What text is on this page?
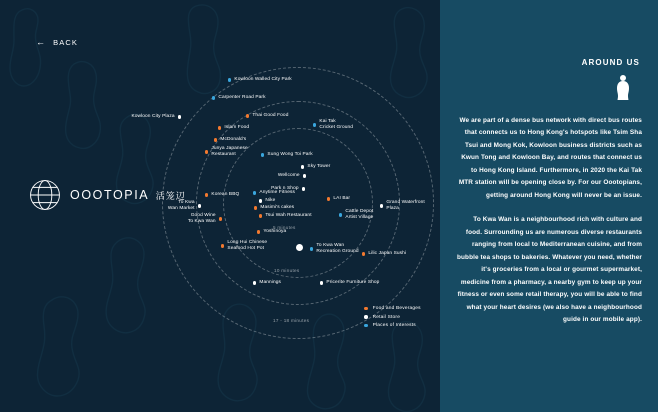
← BACK
OOOTOPIA 活笼辺
5 minutes
10 minutes
17 - 18 minutes
Kowloon Walled City Park
Carpenter Road Park
Kowloon City Plaza	Thai Good Food
Islam Food
McDonald's
Junya Japanese
Restaurant
Kai Tak
Cricket Ground
Sung Wong Toi Park
Sky Tower
Wellcome
LAI Bar
Park n Shop
Korean BBQ	Anytime Fitness
Nike
Masimi's cakes
To Kwa
Wan Market
Good Wine
To Kwa Wan
Tsui Wah Restaurant
Yoshinoya
Long Hui Chinese
Seafood Hot Pot
To Kwa Wan
Recreation Ground
Cattle Depot
Artist Village
Grand Waterfront
Plaza
Lilic Japan Sushi
Mannings	Pricerite Furniture Shop
Food and Beverages
Retail Store
Places of Interests
AROUND US

We are part of a dense bus network with direct bus routes that connects us to Hong Kong's hotspots like Tsim Sha Tsui and Mong Kok, Kowloon business districts such as Kwun Tong and Kowloon Bay, and routes that connect us to Hong Kong Island. Furthermore, in 2020 the Kai Tak MTR station will be opening close by. For our Oootopians, getting around Hong Kong will never be an issue.

To Kwa Wan is a neighbourhood rich with culture and food. Surrounding us are numerous diverse restaurants ranging from local to Mediterranean cuisine, and from bubble tea shops to bakeries. Whatever you need, whether it's groceries from a local or gourmet supermarket, medicine from a pharmacy, a nearby gym to keep up your fitness or even some retail therapy, you will be able to find what your heart desires (we also have a neighbourhood guide in our mobile app).
